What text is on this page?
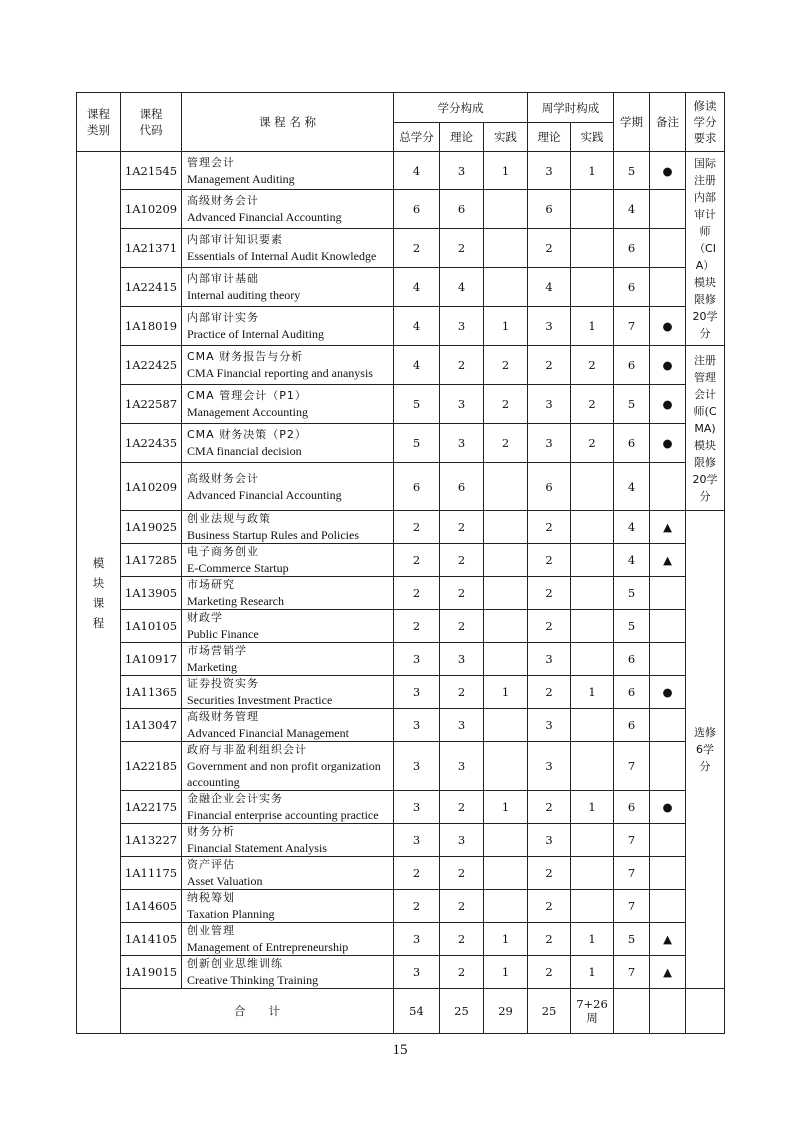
课程类别	课程代码	课 程 名 称	学分构成			周学时构成		学期	备注	修读学分要求

			总学分	理论	实践	理论	实践			

模块课程	1A21545	管理会计
Management Auditing	4	3	1	3	1	5	●	国际注册内部审计师（CIA）模块限修20学分

	1A10209	高级财务会计
Advanced Financial Accounting	6	6		6		4		
	1A21371	内部审计知识要素
Essentials of Internal Audit Knowledge	2	2		2		6		
	1A22415	内部审计基础
Internal auditing theory	4	4		4		6		
	1A18019	内部审计实务
Practice of Internal Auditing	4	3	1	3	1	7	●	
	1A22425	CMA 财务报告与分析
CMA Financial reporting and ananysis	4	2	2	2	2	6	●	注册管理会计师(CMA)模块限修20学分

	1A22587	CMA 管理会计（P1）
Management Accounting	5	3	2	3	2	5	●	
	1A22435	CMA 财务决策（P2）
CMA financial decision	5	3	2	3	2	6	●	
	1A10209	高级财务会计
Advanced Financial Accounting	6	6		6		4		
	1A19025	创业法规与政策
Business Startup Rules and Policies	2	2		2		4	▲	选修6学分

	1A17285	电子商务创业
E-Commerce Startup	2	2		2		4	▲	
	1A13905	市场研究
Marketing Research	2	2		2		5		
	1A10105	财政学
Public Finance	2	2		2		5		
	1A10917	市场营销学
Marketing	3	3		3		6		
	1A11365	证券投资实务
Securities Investment Practice	3	2	1	2	1	6	●	
	1A13047	高级财务管理
Advanced Financial Management	3	3		3		6		
	1A22185	政府与非盈利组织会计
Government and non profit organization accounting	3	3		3		7		
	1A22175	金融企业会计实务
Financial enterprise accounting practice	3	2	1	2	1	6	●	
	1A13227	财务分析
Financial Statement Analysis	3	3		3		7		
	1A11175	资产评估
Asset Valuation	2	2		2		7		
	1A14605	纳税筹划
Taxation Planning	2	2		2		7		
	1A14105	创业管理
Management of Entrepreneurship	3	2	1	2	1	5	▲	
	1A19015	创新创业思维训练
Creative Thinking Training	3	2	1	2	1	7	▲	
	合　　计		54	25	29	25	7+26周			
15
